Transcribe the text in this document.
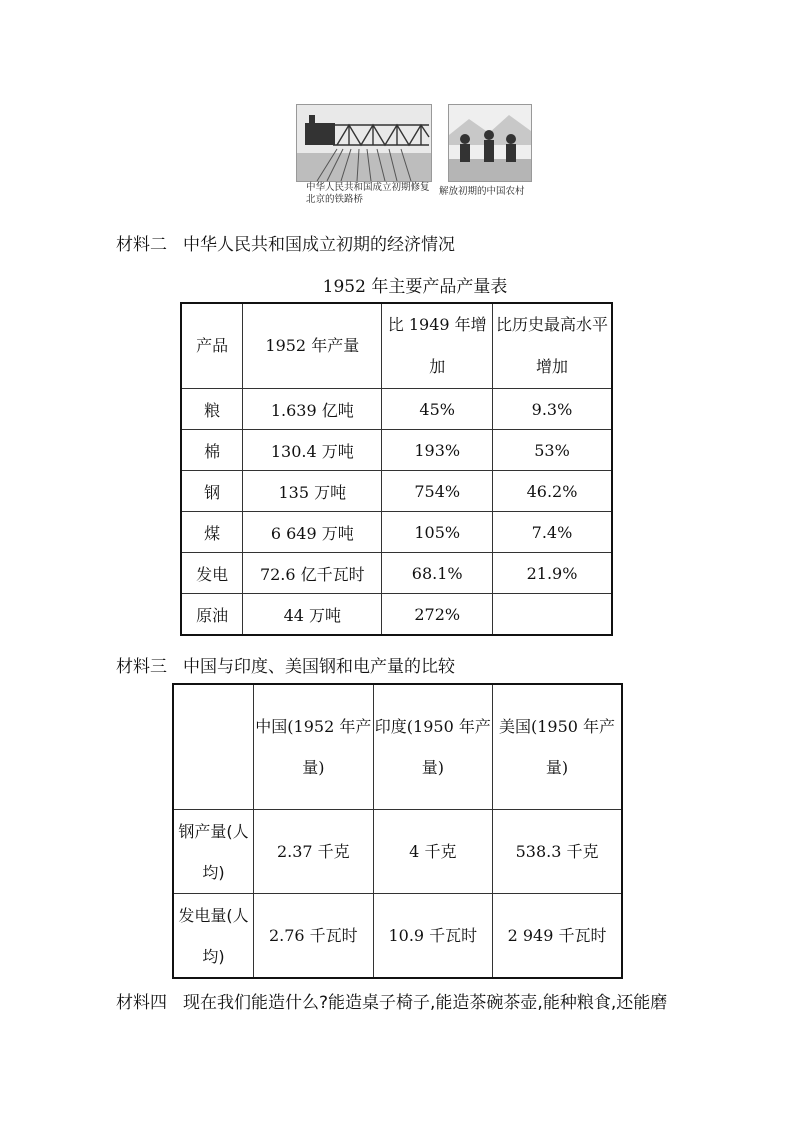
中华人民共和国成立初期修复北京的铁路桥
解放初期的中国农村
材料二 中华人民共和国成立初期的经济情况
1952 年主要产品产量表
产品	1952 年产量	比 1949 年增加	比历史最高水平增加
粮	1.639 亿吨	45%	9.3%
棉	130.4 万吨	193%	53%
钢	135 万吨	754%	46.2%
煤	6 649 万吨	105%	7.4%
发电	72.6 亿千瓦时	68.1%	21.9%
原油	44 万吨	272%	
材料三 中国与印度、美国钢和电产量的比较
	中国(1952 年产量)	印度(1950 年产量)	美国(1950 年产量)
钢产量(人均)	2.37 千克	4 千克	538.3 千克
发电量(人均)	2.76 千瓦时	10.9 千瓦时	2 949 千瓦时
材料四 现在我们能造什么?能造桌子椅子,能造茶碗茶壶,能种粮食,还能磨
